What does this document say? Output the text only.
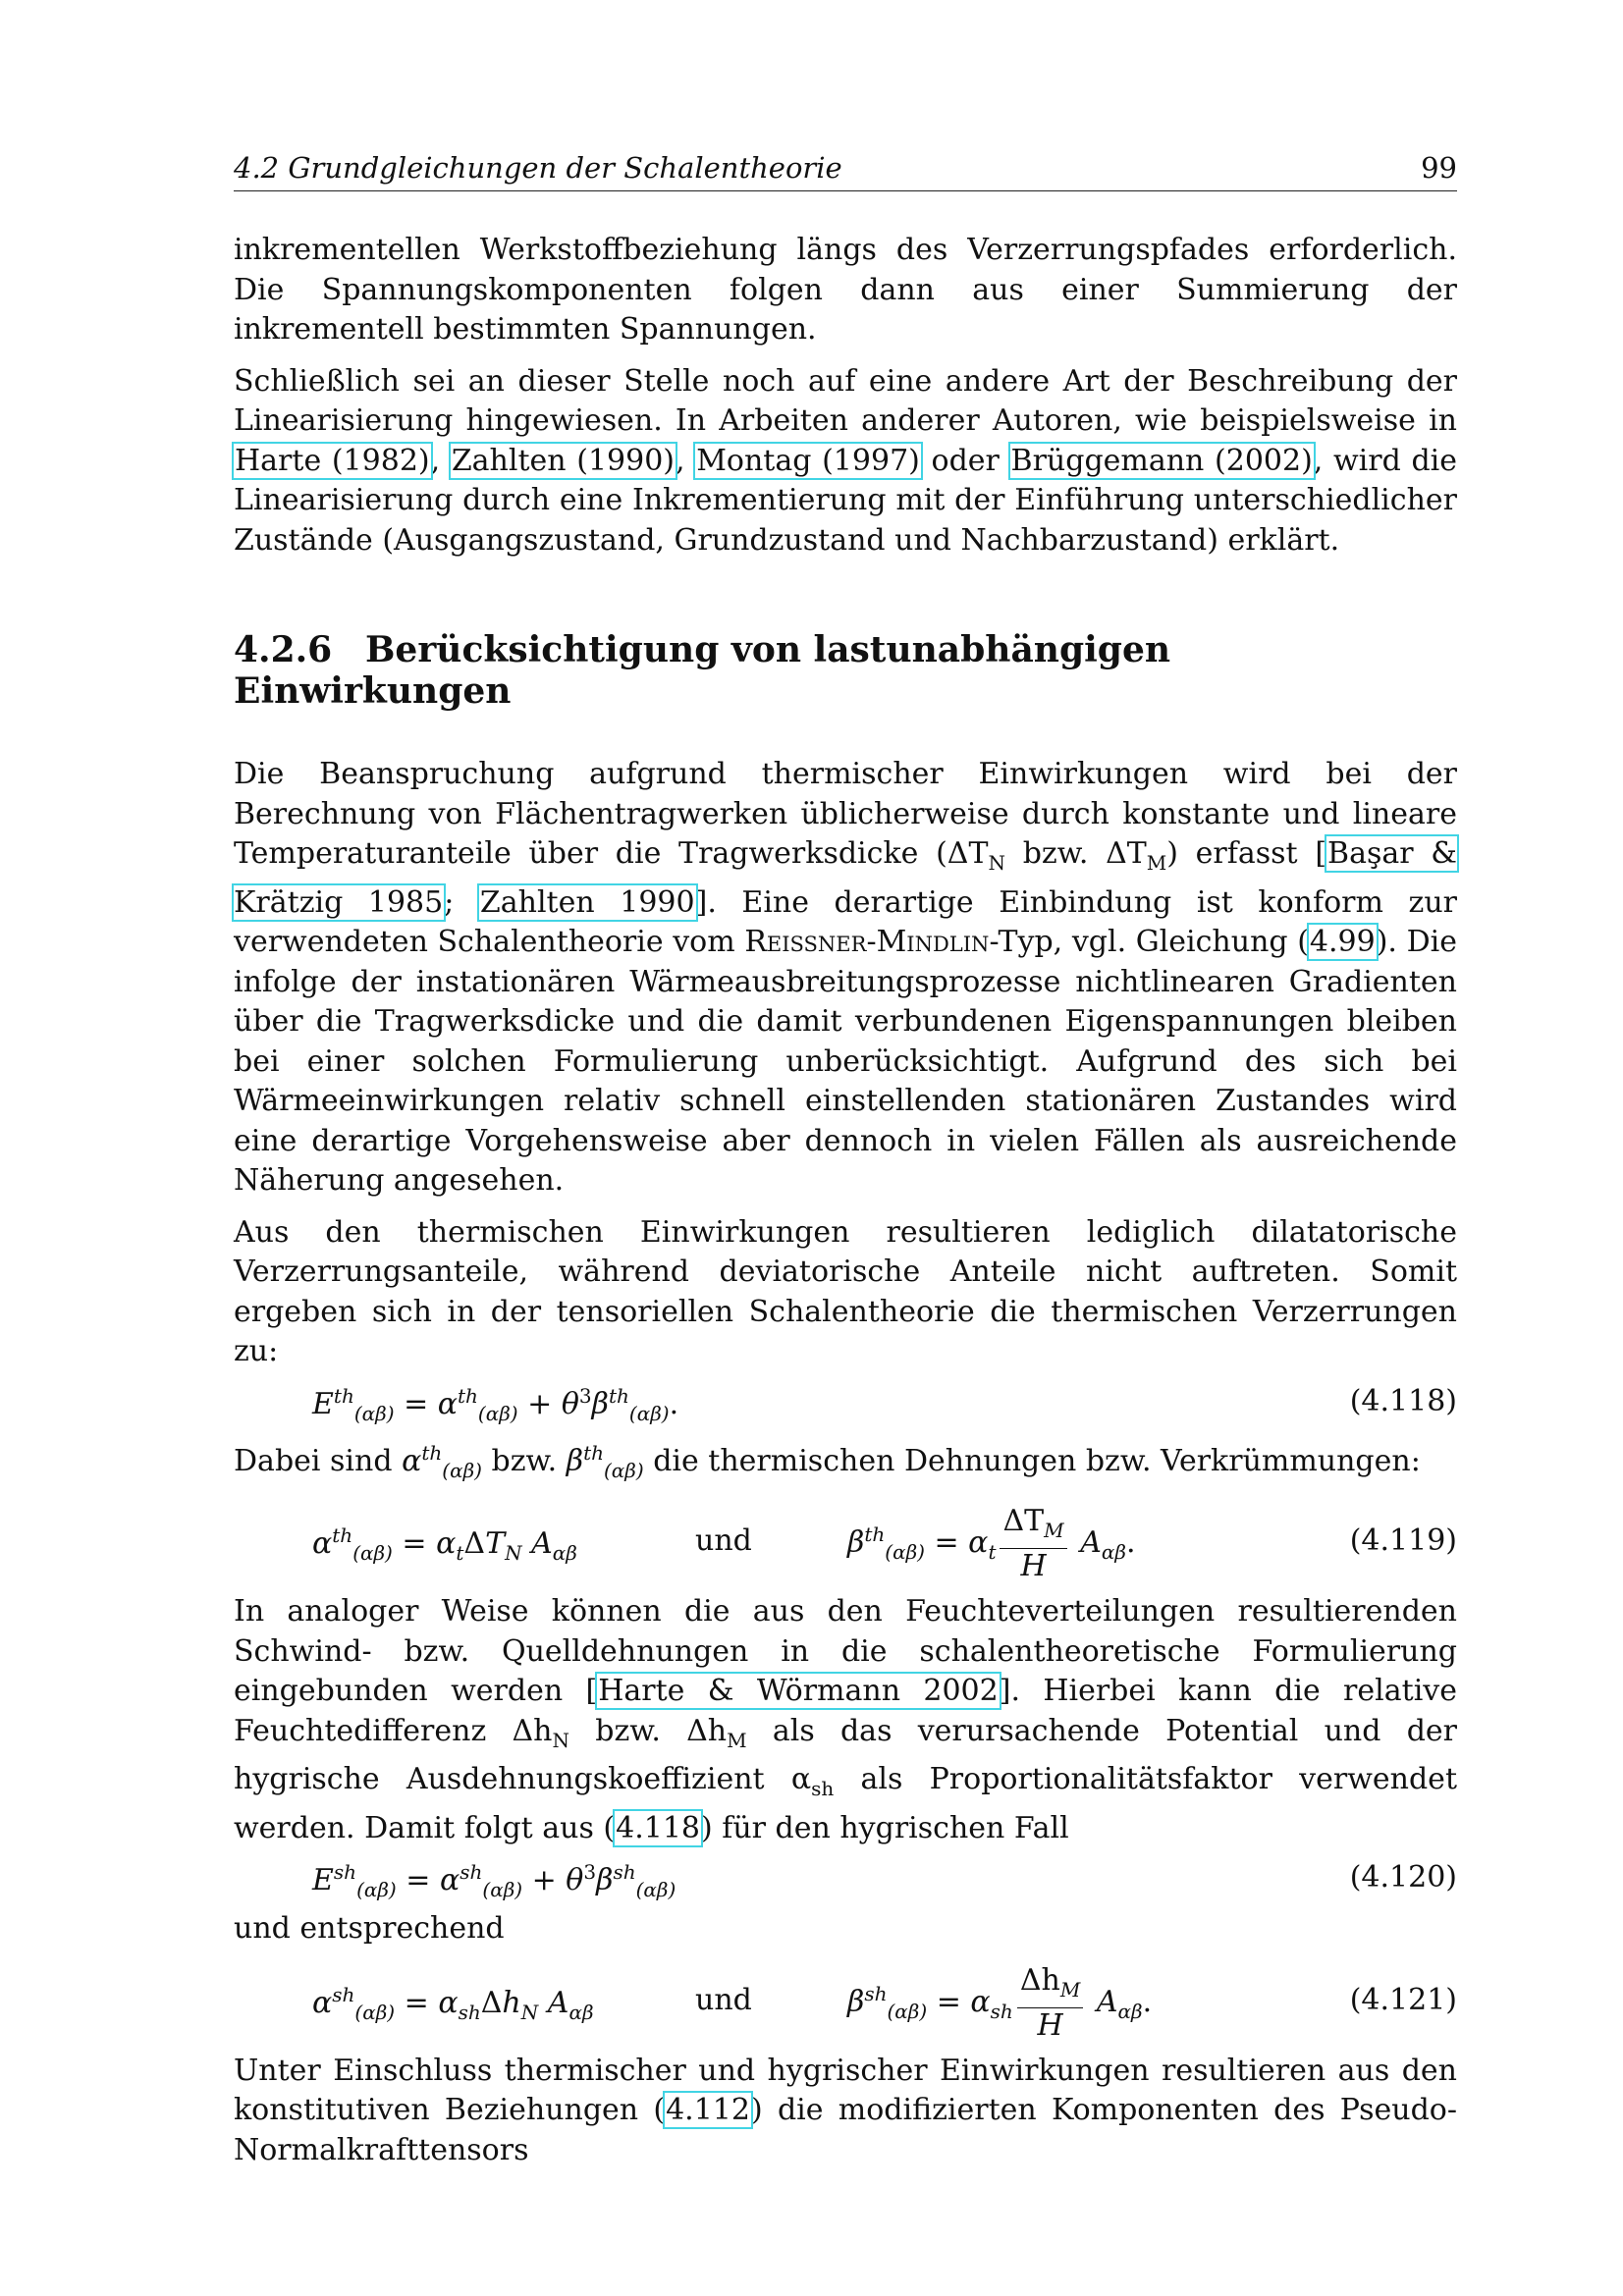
4.2 Grundgleichungen der Schalentheorie	99

inkrementellen Werkstoffbeziehung längs des Verzerrungspfades erforderlich. Die Spannungskomponenten folgen dann aus einer Summierung der inkrementell bestimmten Spannungen.

Schließlich sei an dieser Stelle noch auf eine andere Art der Beschreibung der Linearisierung hingewiesen. In Arbeiten anderer Autoren, wie beispielsweise in Harte (1982), Zahlten (1990), Montag (1997) oder Brüggemann (2002), wird die Linearisierung durch eine Inkrementierung mit der Einführung unterschiedlicher Zustände (Ausgangszustand, Grundzustand und Nachbarzustand) erklärt.

4.2.6 Berücksichtigung von lastunabhängigen Einwirkungen

Die Beanspruchung aufgrund thermischer Einwirkungen wird bei der Berechnung von Flächentragwerken üblicherweise durch konstante und lineare Temperaturanteile über die Tragwerksdicke ($\Delta T_N$ bzw. $\Delta T_M$) erfasst [Başar & Krätzig 1985; Zahlten 1990]. Eine derartige Einbindung ist konform zur verwendeten Schalentheorie vom Reissner-Mindlin-Typ, vgl. Gleichung (4.99). Die infolge der instationären Wärmeausbreitungsprozesse nichtlinearen Gradienten über die Tragwerksdicke und die damit verbundenen Eigenspannungen bleiben bei einer solchen Formulierung unberücksichtigt. Aufgrund des sich bei Wärmeeinwirkungen relativ schnell einstellenden stationären Zustandes wird eine derartige Vorgehensweise aber dennoch in vielen Fällen als ausreichende Näherung angesehen.

Aus den thermischen Einwirkungen resultieren lediglich dilatatorische Verzerrungsanteile, während deviatorische Anteile nicht auftreten. Somit ergeben sich in der tensoriellen Schalentheorie die thermischen Verzerrungen zu:

$E^{th}_{(\alpha\beta)} = \alpha^{th}_{(\alpha\beta)} + \theta^3\beta^{th}_{(\alpha\beta)}$.	(4.118)

Dabei sind $\alpha^{th}_{(\alpha\beta)}$ bzw. $\beta^{th}_{(\alpha\beta)}$ die thermischen Dehnungen bzw. Verkrümmungen:

$\alpha^{th}_{(\alpha\beta)} = \alpha_t\Delta T_N$ $A_{\alpha\beta}$	und	$\beta^{th}_{(\alpha\beta)} = \alpha_t \frac{\Delta T_M}{H} A_{\alpha\beta}$.	(4.119)

In analoger Weise können die aus den Feuchteverteilungen resultierenden Schwind- bzw. Quelldehnungen in die schalentheoretische Formulierung eingebunden werden [Harte & Wörmann 2002]. Hierbei kann die relative Feuchtedifferenz $\Delta h_N$ bzw. $\Delta h_M$ als das verursachende Potential und der hygrische Ausdehnungskoeffizient $\alpha_{sh}$ als Proportionalitätsfaktor verwendet werden. Damit folgt aus (4.118) für den hygrischen Fall

$E^{sh}_{(\alpha\beta)} = \alpha^{sh}_{(\alpha\beta)} + \theta^3\beta^{sh}_{(\alpha\beta)}$	(4.120)

und entsprechend

$\alpha^{sh}_{(\alpha\beta)} = \alpha_{sh}\Delta h_N$ $A_{\alpha\beta}$	und	$\beta^{sh}_{(\alpha\beta)} = \alpha_{sh} \frac{\Delta h_M}{H} A_{\alpha\beta}$.	(4.121)

Unter Einschluss thermischer und hygrischer Einwirkungen resultieren aus den konstitutiven Beziehungen (4.112) die modifizierten Komponenten des Pseudo-Normalkrafttensors
